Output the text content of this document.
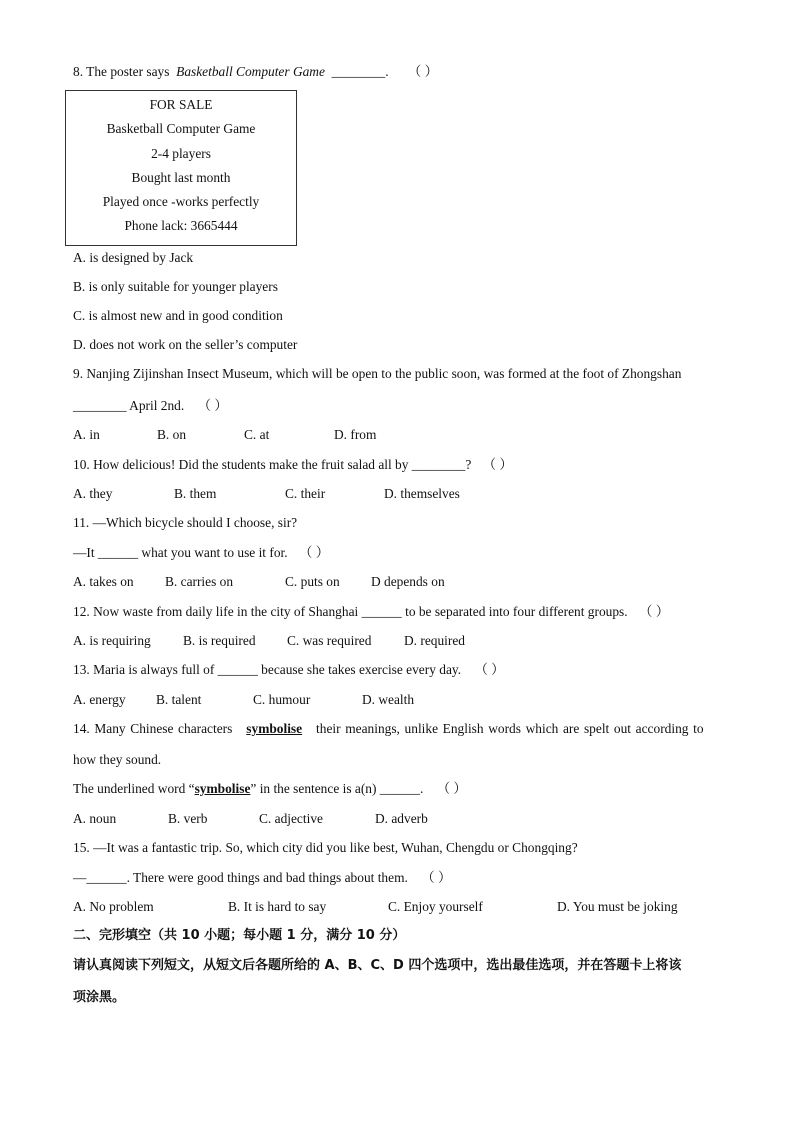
8. The poster says Basketball Computer Game ________. （ ）
FOR SALE
Basketball Computer Game
2-4 players
Bought last month
Played once -works perfectly
Phone lack: 3665444
A. is designed by Jack
B. is only suitable for younger players
C. is almost new and in good condition
D. does not work on the seller’s computer
9. Nanjing Zijinshan Insect Museum, which will be open to the public soon, was formed at the foot of Zhongshan
________ April 2nd. （ ）
A. in	B. on	C. at	D. from
10. How delicious! Did the students make the fruit salad all by ________? （ ）
A. they	B. them	C. their	D. themselves
11. —Which bicycle should I choose, sir?
—It ______ what you want to use it for. （ ）
A. takes on B. carries on	C. puts on D depends on
12. Now waste from daily life in the city of Shanghai ______ to be separated into four different groups. （ ）
A. is requiring B. is required C. was required D. required
13. Maria is always full of ______ because she takes exercise every day. （ ）
A. energy B. talent	C. humour	D. wealth
14. Many Chinese characters symbolise their meanings, unlike English words which are spelt out according to
how they sound.
The underlined word “symbolise” in the sentence is a(n) ______. （ ）
A. noun	B. verb	C. adjective	D. adverb
15. —It was a fantastic trip. So, which city did you like best, Wuhan, Chengdu or Chongqing?
—______. There were good things and bad things about them. （ ）
A. No problem	B. It is hard to say	C. Enjoy yourself	D. You must be joking
二、完形填空（共 10 小题；每小题 1 分，满分 10 分）
请认真阅读下列短文，从短文后各题所给的 A、B、C、D 四个选项中，选出最佳选项，并在答题卡上将该
项涂黑。
